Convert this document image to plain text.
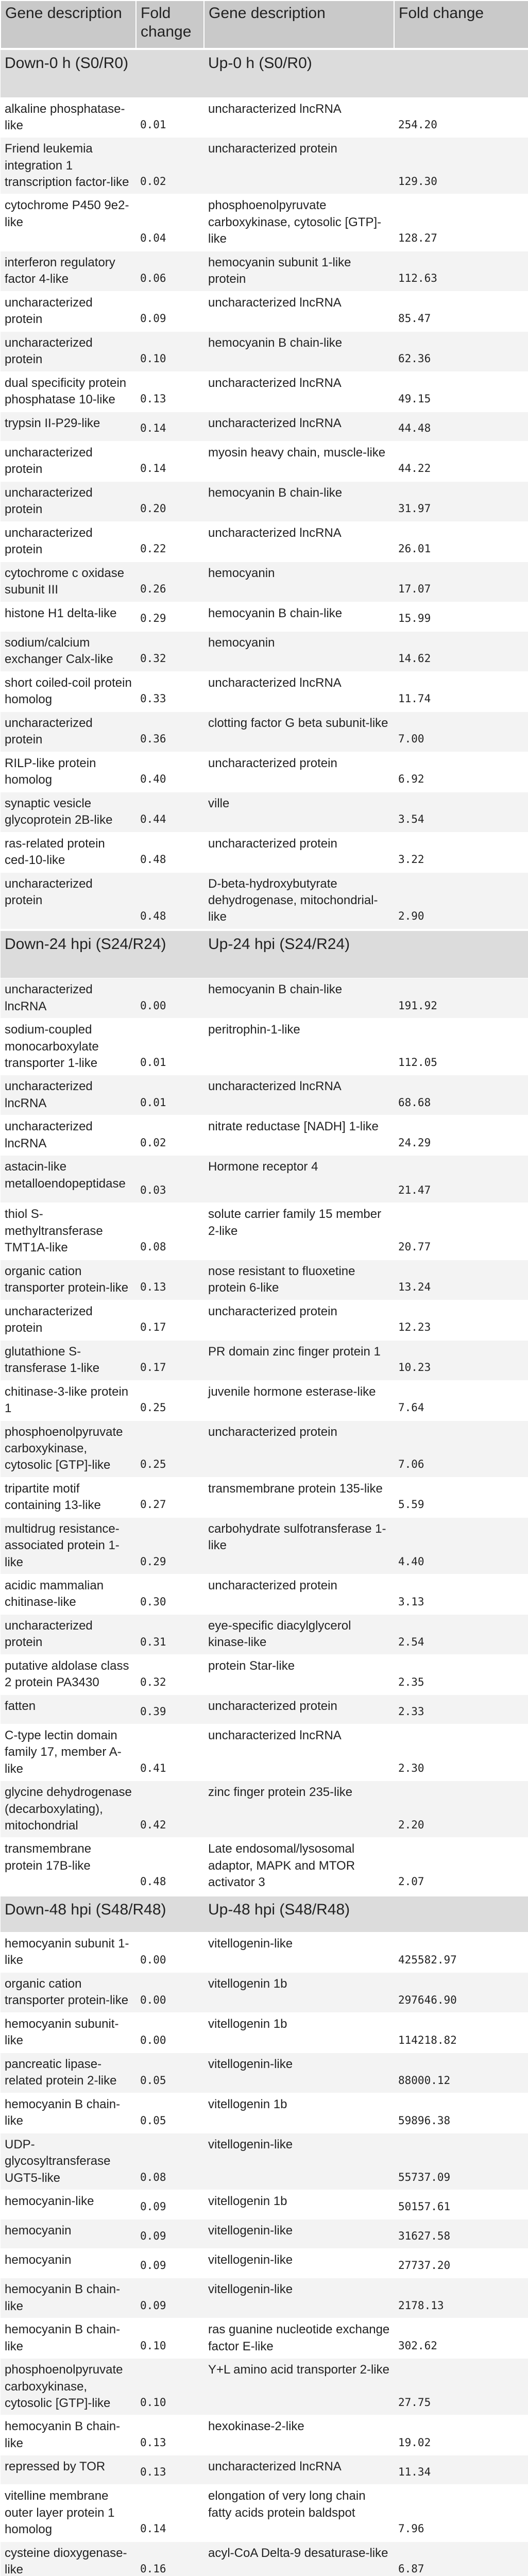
Gene description	Fold change	Gene description	Fold change
Down-0 h (S0/R0)		Up-0 h (S0/R0)	
alkaline phosphatase-like	0.01	uncharacterized lncRNA	254.20
Friend leukemia integration 1 transcription factor-like	0.02	uncharacterized protein	129.30
cytochrome P450 9e2-like	0.04	phosphoenolpyruvate carboxykinase, cytosolic [GTP]-like	128.27
interferon regulatory factor 4-like	0.06	hemocyanin subunit 1-like protein	112.63
uncharacterized protein	0.09	uncharacterized lncRNA	85.47
uncharacterized protein	0.10	hemocyanin B chain-like	62.36
dual specificity protein phosphatase 10-like	0.13	uncharacterized lncRNA	49.15
trypsin II-P29-like	0.14	uncharacterized lncRNA	44.48
uncharacterized protein	0.14	myosin heavy chain, muscle-like	44.22
uncharacterized protein	0.20	hemocyanin B chain-like	31.97
uncharacterized protein	0.22	uncharacterized lncRNA	26.01
cytochrome c oxidase subunit III	0.26	hemocyanin	17.07
histone H1 delta-like	0.29	hemocyanin B chain-like	15.99
sodium/calcium exchanger Calx-like	0.32	hemocyanin	14.62
short coiled-coil protein homolog	0.33	uncharacterized lncRNA	11.74
uncharacterized protein	0.36	clotting factor G beta subunit-like	7.00
RILP-like protein homolog	0.40	uncharacterized protein	6.92
synaptic vesicle glycoprotein 2B-like	0.44	ville	3.54
ras-related protein ced-10-like	0.48	uncharacterized protein	3.22
uncharacterized protein	0.48	D-beta-hydroxybutyrate dehydrogenase, mitochondrial-like	2.90
Down-24 hpi (S24/R24)		Up-24 hpi (S24/R24)	
uncharacterized lncRNA	0.00	hemocyanin B chain-like	191.92
sodium-coupled monocarboxylate transporter 1-like	0.01	peritrophin-1-like	112.05
uncharacterized lncRNA	0.01	uncharacterized lncRNA	68.68
uncharacterized lncRNA	0.02	nitrate reductase [NADH] 1-like	24.29
astacin-like metalloendopeptidase	0.03	Hormone receptor 4	21.47
thiol S-methyltransferase TMT1A-like	0.08	solute carrier family 15 member 2-like	20.77
organic cation transporter protein-like	0.13	nose resistant to fluoxetine protein 6-like	13.24
uncharacterized protein	0.17	uncharacterized protein	12.23
glutathione S-transferase 1-like	0.17	PR domain zinc finger protein 1	10.23
chitinase-3-like protein 1	0.25	juvenile hormone esterase-like	7.64
phosphoenolpyruvate carboxykinase, cytosolic [GTP]-like	0.25	uncharacterized protein	7.06
tripartite motif containing 13-like	0.27	transmembrane protein 135-like	5.59
multidrug resistance-associated protein 1-like	0.29	carbohydrate sulfotransferase 1-like	4.40
acidic mammalian chitinase-like	0.30	uncharacterized protein	3.13
uncharacterized protein	0.31	eye-specific diacylglycerol kinase-like	2.54
putative aldolase class 2 protein PA3430	0.32	protein Star-like	2.35
fatten	0.39	uncharacterized protein	2.33
C-type lectin domain family 17, member A-like	0.41	uncharacterized lncRNA	2.30
glycine dehydrogenase (decarboxylating), mitochondrial	0.42	zinc finger protein 235-like	2.20
transmembrane protein 17B-like	0.48	Late endosomal/lysosomal adaptor, MAPK and MTOR activator 3	2.07
Down-48 hpi (S48/R48)		Up-48 hpi (S48/R48)	
hemocyanin subunit 1-like	0.00	vitellogenin-like	425582.97
organic cation transporter protein-like	0.00	vitellogenin 1b	297646.90
hemocyanin subunit-like	0.00	vitellogenin 1b	114218.82
pancreatic lipase-related protein 2-like	0.05	vitellogenin-like	88000.12
hemocyanin B chain-like	0.05	vitellogenin 1b	59896.38
UDP-glycosyltransferase UGT5-like	0.08	vitellogenin-like	55737.09
hemocyanin-like	0.09	vitellogenin 1b	50157.61
hemocyanin	0.09	vitellogenin-like	31627.58
hemocyanin	0.09	vitellogenin-like	27737.20
hemocyanin B chain-like	0.09	vitellogenin-like	2178.13
hemocyanin B chain-like	0.10	ras guanine nucleotide exchange factor E-like	302.62
phosphoenolpyruvate carboxykinase, cytosolic [GTP]-like	0.10	Y+L amino acid transporter 2-like	27.75
hemocyanin B chain-like	0.13	hexokinase-2-like	19.02
repressed by TOR	0.13	uncharacterized lncRNA	11.34
vitelline membrane outer layer protein 1 homolog	0.14	elongation of very long chain fatty acids protein baldspot	7.96
cysteine dioxygenase-like	0.16	acyl-CoA Delta-9 desaturase-like	6.87
